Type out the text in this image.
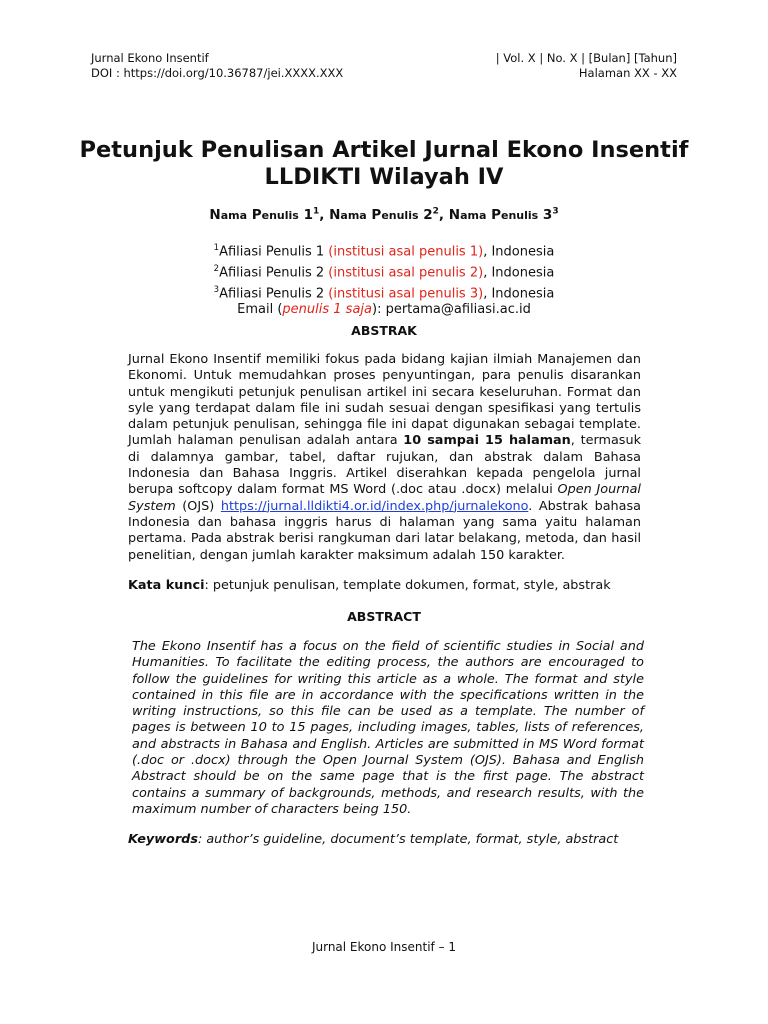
Jurnal Ekono Insentif	| Vol. X | No. X | [Bulan] [Tahun]
DOI : https://doi.org/10.36787/jei.XXXX.XXX	Halaman XX - XX
Petunjuk Penulisan Artikel Jurnal Ekono Insentif
LLDIKTI Wilayah IV
Nama Penulis $1^1$, Nama Penulis $2^2$, Nama Penulis $3^3$
$^1$Afiliasi Penulis 1 (institusi asal penulis 1), Indonesia
$^2$Afiliasi Penulis 2 (institusi asal penulis 2), Indonesia
$^3$Afiliasi Penulis 2 (institusi asal penulis 3), Indonesia
Email (penulis 1 saja): pertama@afiliasi.ac.id
ABSTRAK
Jurnal Ekono Insentif memiliki fokus pada bidang kajian ilmiah Manajemen dan Ekonomi. Untuk memudahkan proses penyuntingan, para penulis disarankan untuk mengikuti petunjuk penulisan artikel ini secara keseluruhan. Format dan syle yang terdapat dalam file ini sudah sesuai dengan spesifikasi yang tertulis dalam petunjuk penulisan, sehingga file ini dapat digunakan sebagai template. Jumlah halaman penulisan adalah antara 10 sampai 15 halaman, termasuk di dalamnya gambar, tabel, daftar rujukan, dan abstrak dalam Bahasa Indonesia dan Bahasa Inggris. Artikel diserahkan kepada pengelola jurnal berupa softcopy dalam format MS Word (.doc atau .docx) melalui Open Journal System (OJS) https://jurnal.lldikti4.or.id/index.php/jurnalekono. Abstrak bahasa Indonesia dan bahasa inggris harus di halaman yang sama yaitu halaman pertama. Pada abstrak berisi rangkuman dari latar belakang, metoda, dan hasil penelitian, dengan jumlah karakter maksimum adalah 150 karakter.
Kata kunci: petunjuk penulisan, template dokumen, format, style, abstrak
ABSTRACT
The Ekono Insentif has a focus on the field of scientific studies in Social and Humanities. To facilitate the editing process, the authors are encouraged to follow the guidelines for writing this article as a whole. The format and style contained in this file are in accordance with the specifications written in the writing instructions, so this file can be used as a template. The number of pages is between 10 to 15 pages, including images, tables, lists of references, and abstracts in Bahasa and English. Articles are submitted in MS Word format (.doc or .docx) through the Open Journal System (OJS). Bahasa and English Abstract should be on the same page that is the first page. The abstract contains a summary of backgrounds, methods, and research results, with the maximum number of characters being 150.
Keywords: author’s guideline, document’s template, format, style, abstract
Jurnal Ekono Insentif – 1
